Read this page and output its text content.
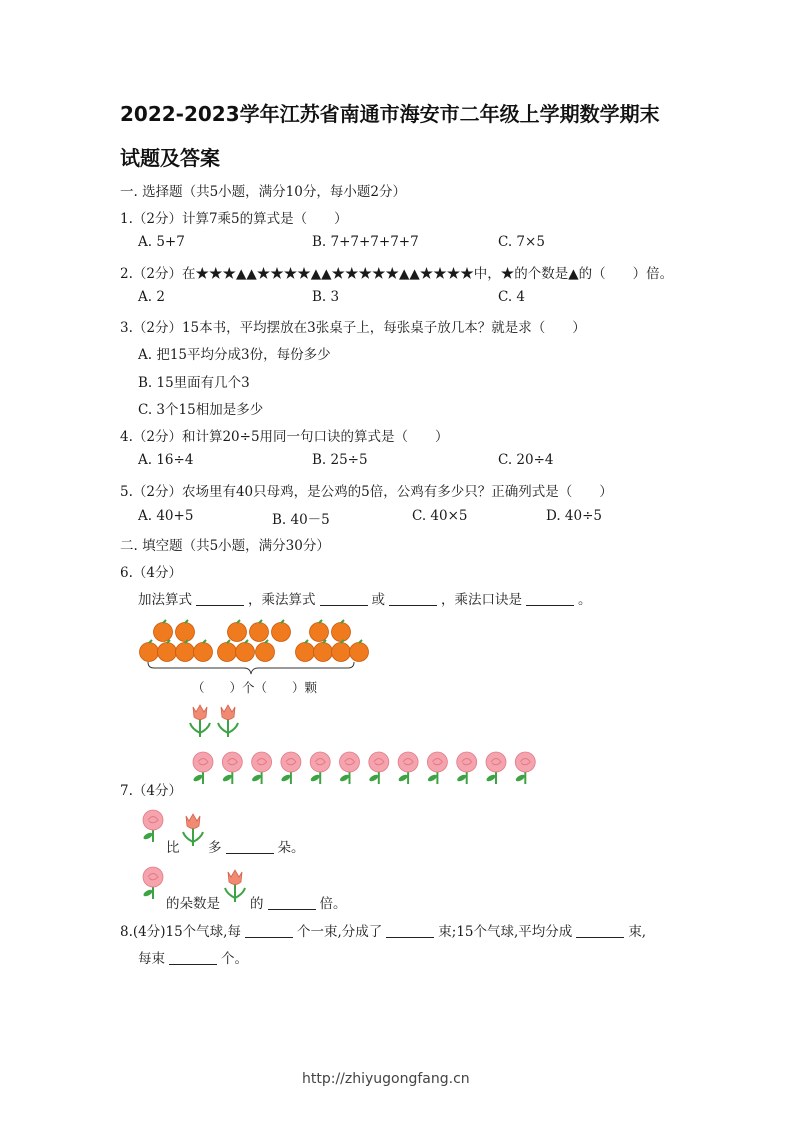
2022-2023学年江苏省南通市海安市二年级上学期数学期末
试题及答案
一. 选择题（共5小题，满分10分，每小题2分）
1.（2分）计算7乘5的算式是（　　）
A. 5+7	B. 7+7+7+7+7	C. 7×5
2.（2分）在★★★▲▲★★★★▲▲★★★★★▲▲★★★★中，★的个数是▲的（　　）倍。
A. 2	B. 3	C. 4
3.（2分）15本书，平均摆放在3张桌子上，每张桌子放几本？就是求（　　）
A. 把15平均分成3份，每份多少
B. 15里面有几个3
C. 3个15相加是多少
4.（2分）和计算20÷5用同一句口诀的算式是（　　）
A. 16÷4	B. 25÷5	C. 20÷4
5.（2分）农场里有40只母鸡，是公鸡的5倍，公鸡有多少只？正确列式是（　　）
A. 40+5	B. 40－5	C. 40×5	D. 40÷5
二. 填空题（共5小题，满分30分）
6.（4分）
加法算式	，乘法算式	或	，乘法口诀是	。
（　　）个（　　）颗
7.（4分）
比 多	朵。
的朵数是 的	倍。
8.(4分)15个气球,每	个一束,分成了	束;15个气球,平均分成	束,
每束	个。
http://zhiyugongfang.cn
